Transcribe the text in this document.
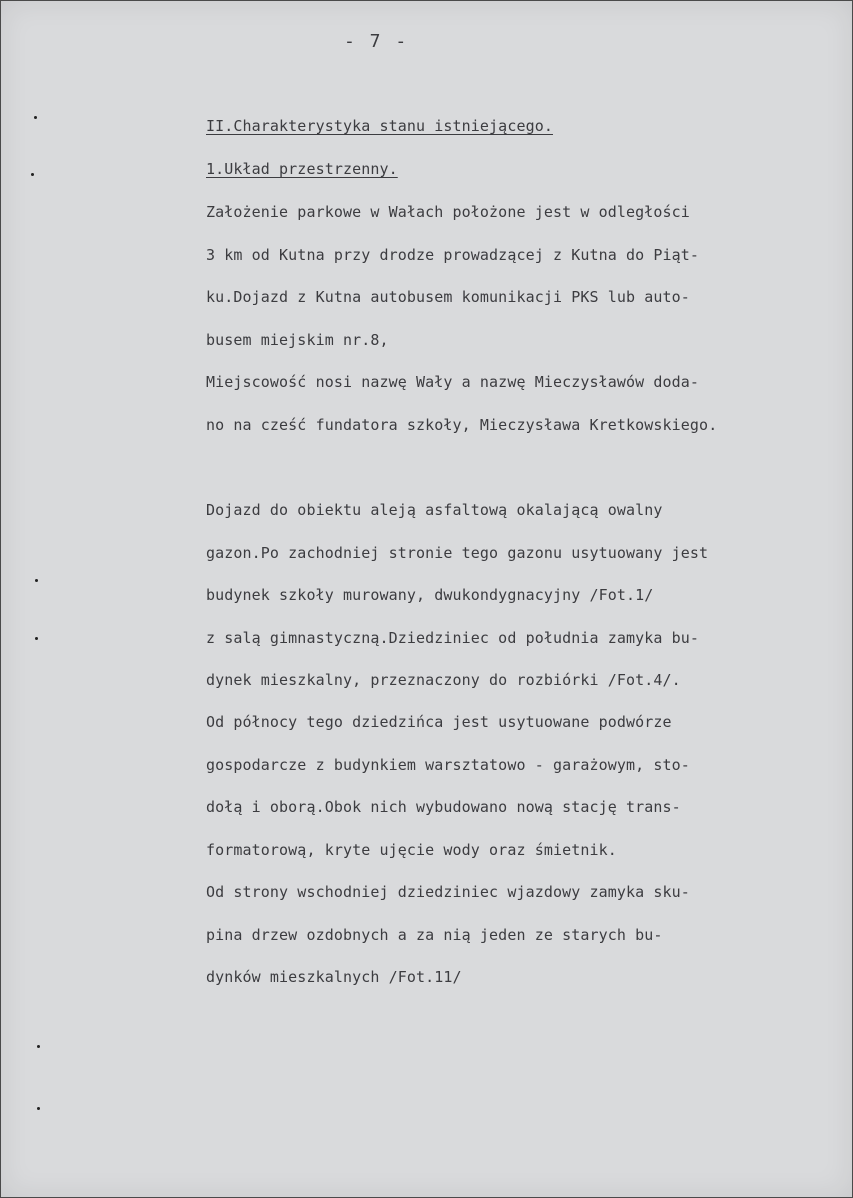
- 7 -
II.Charakterystyka stanu istniejącego.
1.Układ przestrzenny.
Założenie parkowe w Wałach położone jest w odległości
3 km od Kutna przy drodze prowadzącej z Kutna do Piąt-
ku.Dojazd z Kutna autobusem komunikacji PKS lub auto-
busem miejskim nr.8,
Miejscowość nosi nazwę Wały a nazwę Mieczysławów doda-
no na cześć fundatora szkoły, Mieczysława Kretkowskiego.
Dojazd do obiektu aleją asfaltową okalającą owalny
gazon.Po zachodniej stronie tego gazonu usytuowany jest
budynek szkoły murowany, dwukondygnacyjny /Fot.1/
z salą gimnastyczną.Dziedziniec od południa zamyka bu-
dynek mieszkalny, przeznaczony do rozbiórki /Fot.4/.
Od północy tego dziedzińca jest usytuowane podwórze
gospodarcze z budynkiem warsztatowo - garażowym, sto-
dołą i oborą.Obok nich wybudowano nową stację trans-
formatorową, kryte ujęcie wody oraz śmietnik.
Od strony wschodniej dziedziniec wjazdowy zamyka sku-
pina drzew ozdobnych a za nią jeden ze starych bu-
dynków mieszkalnych /Fot.11/
